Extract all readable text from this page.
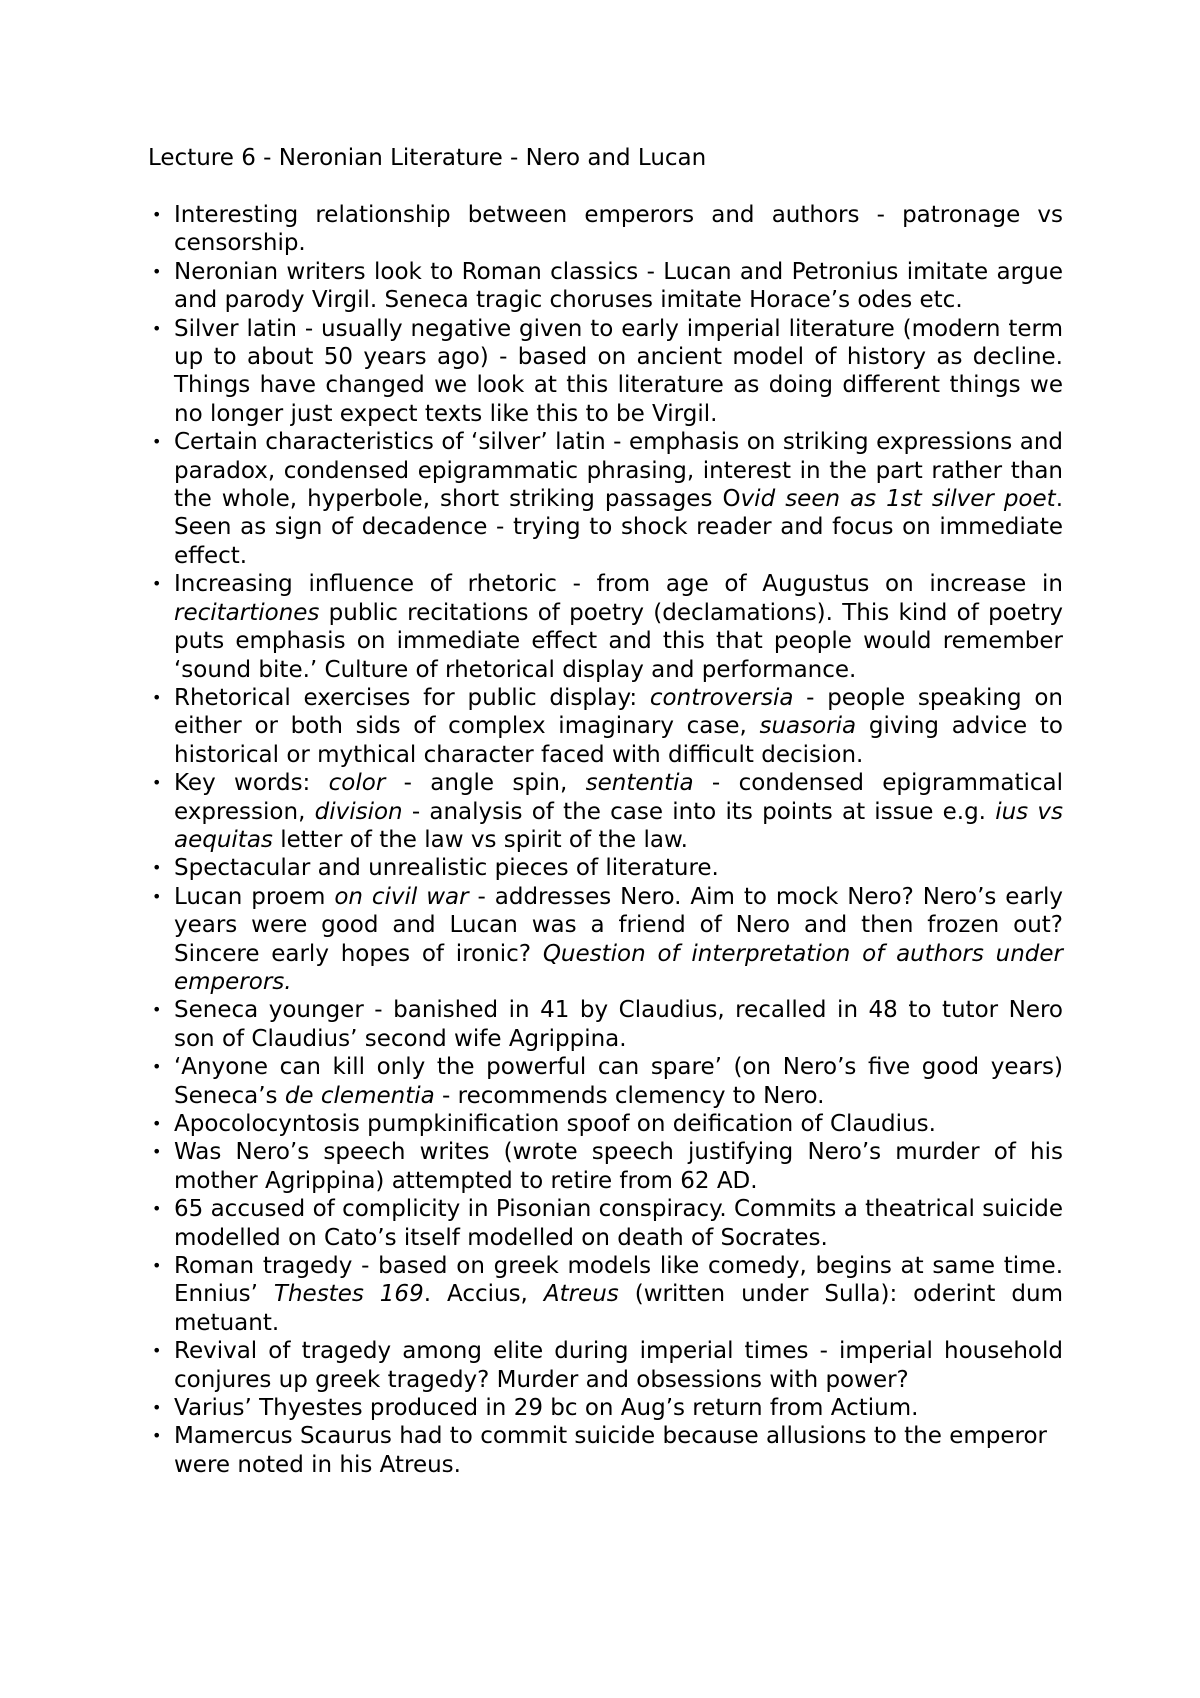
Lecture 6 - Neronian Literature - Nero and Lucan
• Interesting relationship between emperors and authors - patronage vs censorship.
• Neronian writers look to Roman classics - Lucan and Petronius imitate argue and parody Virgil. Seneca tragic choruses imitate Horace’s odes etc.
• Silver latin - usually negative given to early imperial literature (modern term up to about 50 years ago) - based on ancient model of history as decline. Things have changed we look at this literature as doing different things we no longer just expect texts like this to be Virgil.
• Certain characteristics of ‘silver’ latin - emphasis on striking expressions and paradox, condensed epigrammatic phrasing, interest in the part rather than the whole, hyperbole, short striking passages Ovid seen as 1st silver poet. Seen as sign of decadence - trying to shock reader and focus on immediate effect.
• Increasing influence of rhetoric - from age of Augustus on increase in recitartiones public recitations of poetry (declamations). This kind of poetry puts emphasis on immediate effect and this that people would remember ‘sound bite.’ Culture of rhetorical display and performance.
• Rhetorical exercises for public display: controversia - people speaking on either or both sids of complex imaginary case, suasoria giving advice to historical or mythical character faced with difficult decision.
• Key words: color - angle spin, sententia - condensed epigrammatical expression, division - analysis of the case into its points at issue e.g. ius vs aequitas letter of the law vs spirit of the law.
• Spectacular and unrealistic pieces of literature.
• Lucan proem on civil war - addresses Nero. Aim to mock Nero? Nero’s early years were good and Lucan was a friend of Nero and then frozen out? Sincere early hopes of ironic? Question of interpretation of authors under emperors.
• Seneca younger - banished in 41 by Claudius, recalled in 48 to tutor Nero son of Claudius’ second wife Agrippina.
• ‘Anyone can kill only the powerful can spare’ (on Nero’s five good years) Seneca’s de clementia - recommends clemency to Nero.
• Apocolocyntosis pumpkinification spoof on deification of Claudius.
• Was Nero’s speech writes (wrote speech justifying Nero’s murder of his mother Agrippina) attempted to retire from 62 AD.
• 65 accused of complicity in Pisonian conspiracy. Commits a theatrical suicide modelled on Cato’s itself modelled on death of Socrates.
• Roman tragedy - based on greek models like comedy, begins at same time. Ennius’ Thestes 169. Accius, Atreus (written under Sulla): oderint dum metuant.
• Revival of tragedy among elite during imperial times - imperial household conjures up greek tragedy? Murder and obsessions with power?
• Varius’ Thyestes produced in 29 bc on Aug’s return from Actium.
• Mamercus Scaurus had to commit suicide because allusions to the emperor were noted in his Atreus.
